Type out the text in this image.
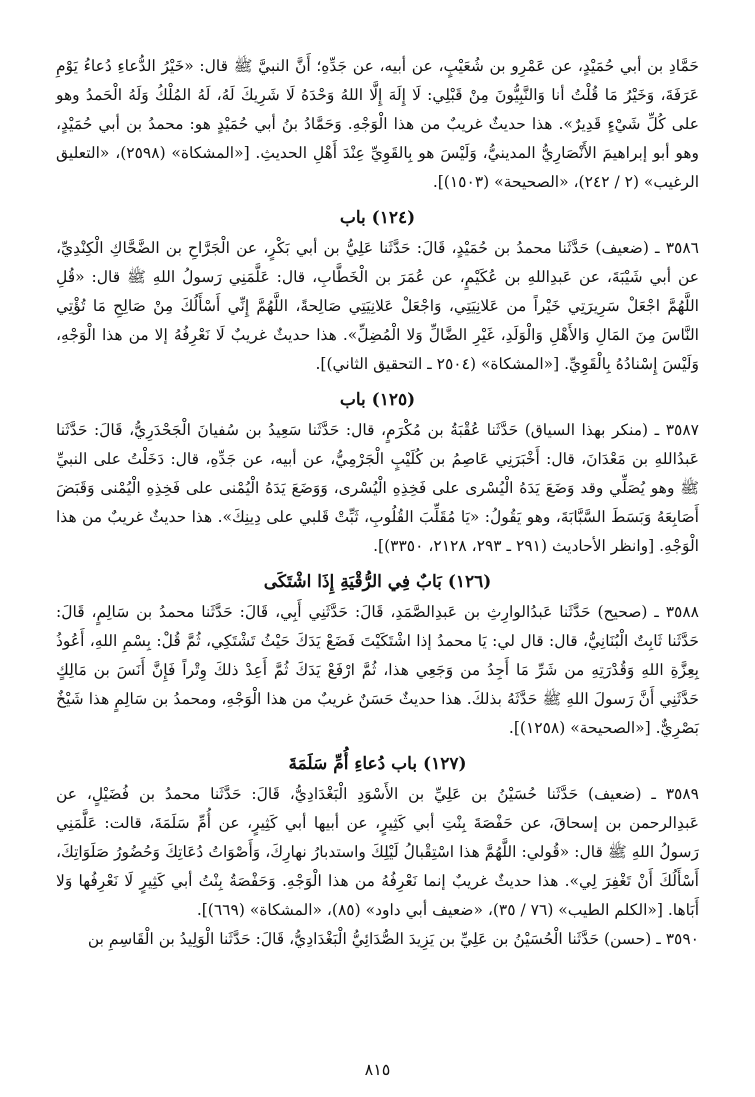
حَمَّادِ بن أبي حُمَيْدٍ، عن عَمْرِو بن شُعَيْبٍ، عن أبيه، عن جَدِّهِ؛ أَنَّ النبيَّ ﷺ قال: «خَيْرُ الدُّعاءِ دُعاءُ يَوْمِ عَرَفَةَ، وَخَيْرُ مَا قُلْتُ أنا وَالنَّبِيُّونَ مِنْ قَبْلِي: لَا إِلَهَ إِلَّا اللهُ وَحْدَهُ لَا شَرِيكَ لَهُ، لَهُ المُلْكُ وَلَهُ الْحَمدُ وهو على كُلِّ شَيْءٍ قَدِيرٌ». هذا حديثٌ غريبٌ من هذا الْوَجْهِ. وَحَمَّادُ بنُ أبي حُمَيْدٍ هو: محمدُ بن أبي حُمَيْدٍ، وهو أبو إبراهيمَ الأَنْصَارِيُّ المدينيُّ، وَلَيْسَ هو بِالقَوِيِّ عِنْدَ أَهْلِ الحديثِ. [«المشكاة» (٢٥٩٨)، «التعليق الرغيب» (٢ / ٢٤٢)، «الصحيحة» (١٥٠٣)].

(١٢٤) باب

٣٥٨٦ ـ (ضعيف) حَدَّثَنا محمدُ بن حُمَيْدٍ، قَالَ: حَدَّثَنا عَلِيُّ بن أبي بَكْرٍ، عن الْجَرَّاحِ بن الضَّحَّاكِ الْكِنْدِيِّ، عن أبي شَيْبَةَ، عن عَبدِاللهِ بن عُكَيْمٍ، عن عُمَرَ بن الْخَطَّابِ، قال: عَلَّمَنِي رَسولُ اللهِ ﷺ قال: «قُلِ اللَّهُمَّ اجْعَلْ سَرِيرَتِي خَيْراً من عَلانِيَتِي، وَاجْعَلْ عَلانِيَتِي صَالِحةً، اللَّهُمَّ إِنِّي أَسْأَلُكَ مِنْ صَالِحِ مَا تُؤْتِي النَّاسَ مِنَ المَالِ وَالأَهْلِ وَالْوَلَدِ، غَيْرِ الضَّالِّ وَلا الْمُضِلِّ». هذا حديثٌ غريبٌ لَا نَعْرِفُهُ إلا من هذا الْوَجْهِ، وَلَيْسَ إِسْنادُهُ بِالْقَوِيِّ. [«المشكاة» (٢٥٠٤ ـ التحقيق الثاني)].

(١٢٥) باب

٣٥٨٧ ـ (منكر بهذا السياق) حَدَّثَنا عُقْبَةُ بن مُكْرَمٍ، قال: حَدَّثَنا سَعِيدُ بن سُفيانَ الْجَحْدَرِيُّ، قَالَ: حَدَّثَنا عَبدُاللهِ بن مَعْدَانَ، قال: أَخْبَرَنِي عَاصِمُ بن كُلَيْبٍ الْجَرْمِيُّ، عن أبيه، عن جَدِّهِ، قال: دَخَلْتُ على النبيِّ ﷺ وهو يُصَلِّي وقد وَضَعَ يَدَهُ الْيُسْرى على فَخِذِهِ الْيُسْرى، وَوَضَعَ يَدَهُ الْيُمْنى على فَخِذِهِ الْيُمْنى وَقَبَضَ أَصَابِعَهُ وَبَسَطَ السَّبَّابَةَ، وهو يَقُولُ: «يَا مُقَلِّبَ القُلُوبِ، ثَبِّتْ قَلبي على دِينِكَ». هذا حديثٌ غريبٌ من هذا الْوَجْهِ. [وانظر الأحاديث (٢٩١ ـ ٢٩٣، ٢١٢٨، ٣٣٥٠)].

(١٢٦) بَابٌ فِي الرُّقْيَةِ إِذَا اشْتَكَى

٣٥٨٨ ـ (صحيح) حَدَّثَنا عَبدُالوارِثِ بن عَبدِالصَّمَدِ، قَالَ: حَدَّثَنِي أَبِي، قَالَ: حَدَّثَنا محمدُ بن سَالِمٍ، قَالَ: حَدَّثَنا ثَابِتٌ الْبُنَانِيُّ، قال: قال لي: يَا محمدُ إذا اشْتَكَيْتَ فَضَعْ يَدَكَ حَيْثُ تَشْتَكِي، ثُمَّ قُلْ: بِسْمِ اللهِ، أَعُوذُ بِعِزَّةِ اللهِ وَقُدْرَتِهِ من شَرِّ مَا أَجِدُ من وَجَعِي هذا، ثُمَّ ارْفَعْ يَدَكَ ثُمَّ أَعِدْ ذلكَ وِتْراً فَإِنَّ أَنَسَ بن مَالِكٍ حَدَّثَنِي أَنَّ رَسولَ اللهِ ﷺ حَدَّثَهُ بذلكَ. هذا حديثٌ حَسَنٌ غريبٌ من هذا الْوَجْهِ، ومحمدُ بن سَالِمٍ هذا شَيْخٌ بَصْرِيٌّ. [«الصحيحة» (١٢٥٨)].

(١٢٧) باب دُعاءِ أُمِّ سَلَمَةَ

٣٥٨٩ ـ (ضعيف) حَدَّثَنا حُسَيْنُ بن عَلِيِّ بن الأَسْوَدِ الْبَغْدَادِيُّ، قَالَ: حَدَّثَنا محمدُ بن فُضَيْلٍ، عن عَبدِالرحمن بن إسحاقَ، عن حَفْصَةَ بِنْتِ أبي كَثِيرٍ، عن أبيها أبي كَثِيرٍ، عن أُمِّ سَلَمَةَ، قالت: عَلَّمَنِي رَسولُ اللهِ ﷺ قال: «قُولي: اللَّهُمَّ هذا اسْتِقْبالُ لَيْلِكَ واستدبارُ نهارِكَ، وَأَصْوَاتُ دُعَاتِكَ وَحُضُورُ صَلَوَاتِكَ، أَسْأَلُكَ أَنْ تَغْفِرَ لِي». هذا حديثٌ غريبٌ إنما نَعْرِفُهُ من هذا الْوَجْهِ. وَحَفْصَةُ بِنْتُ أبي كَثِيرٍ لَا نَعْرِفُها وَلا أَبَاها. [«الكلم الطيب» (٧٦ / ٣٥)، «ضعيف أبي داود» (٨٥)، «المشكاة» (٦٦٩)].

٣٥٩٠ ـ (حسن) حَدَّثَنا الْحُسَيْنُ بن عَلِيِّ بن يَزِيدَ الصُّدَائِيُّ الْبَغْدَادِيُّ، قَالَ: حَدَّثَنا الْوَلِيدُ بن الْقَاسِمِ بن

٨١٥
